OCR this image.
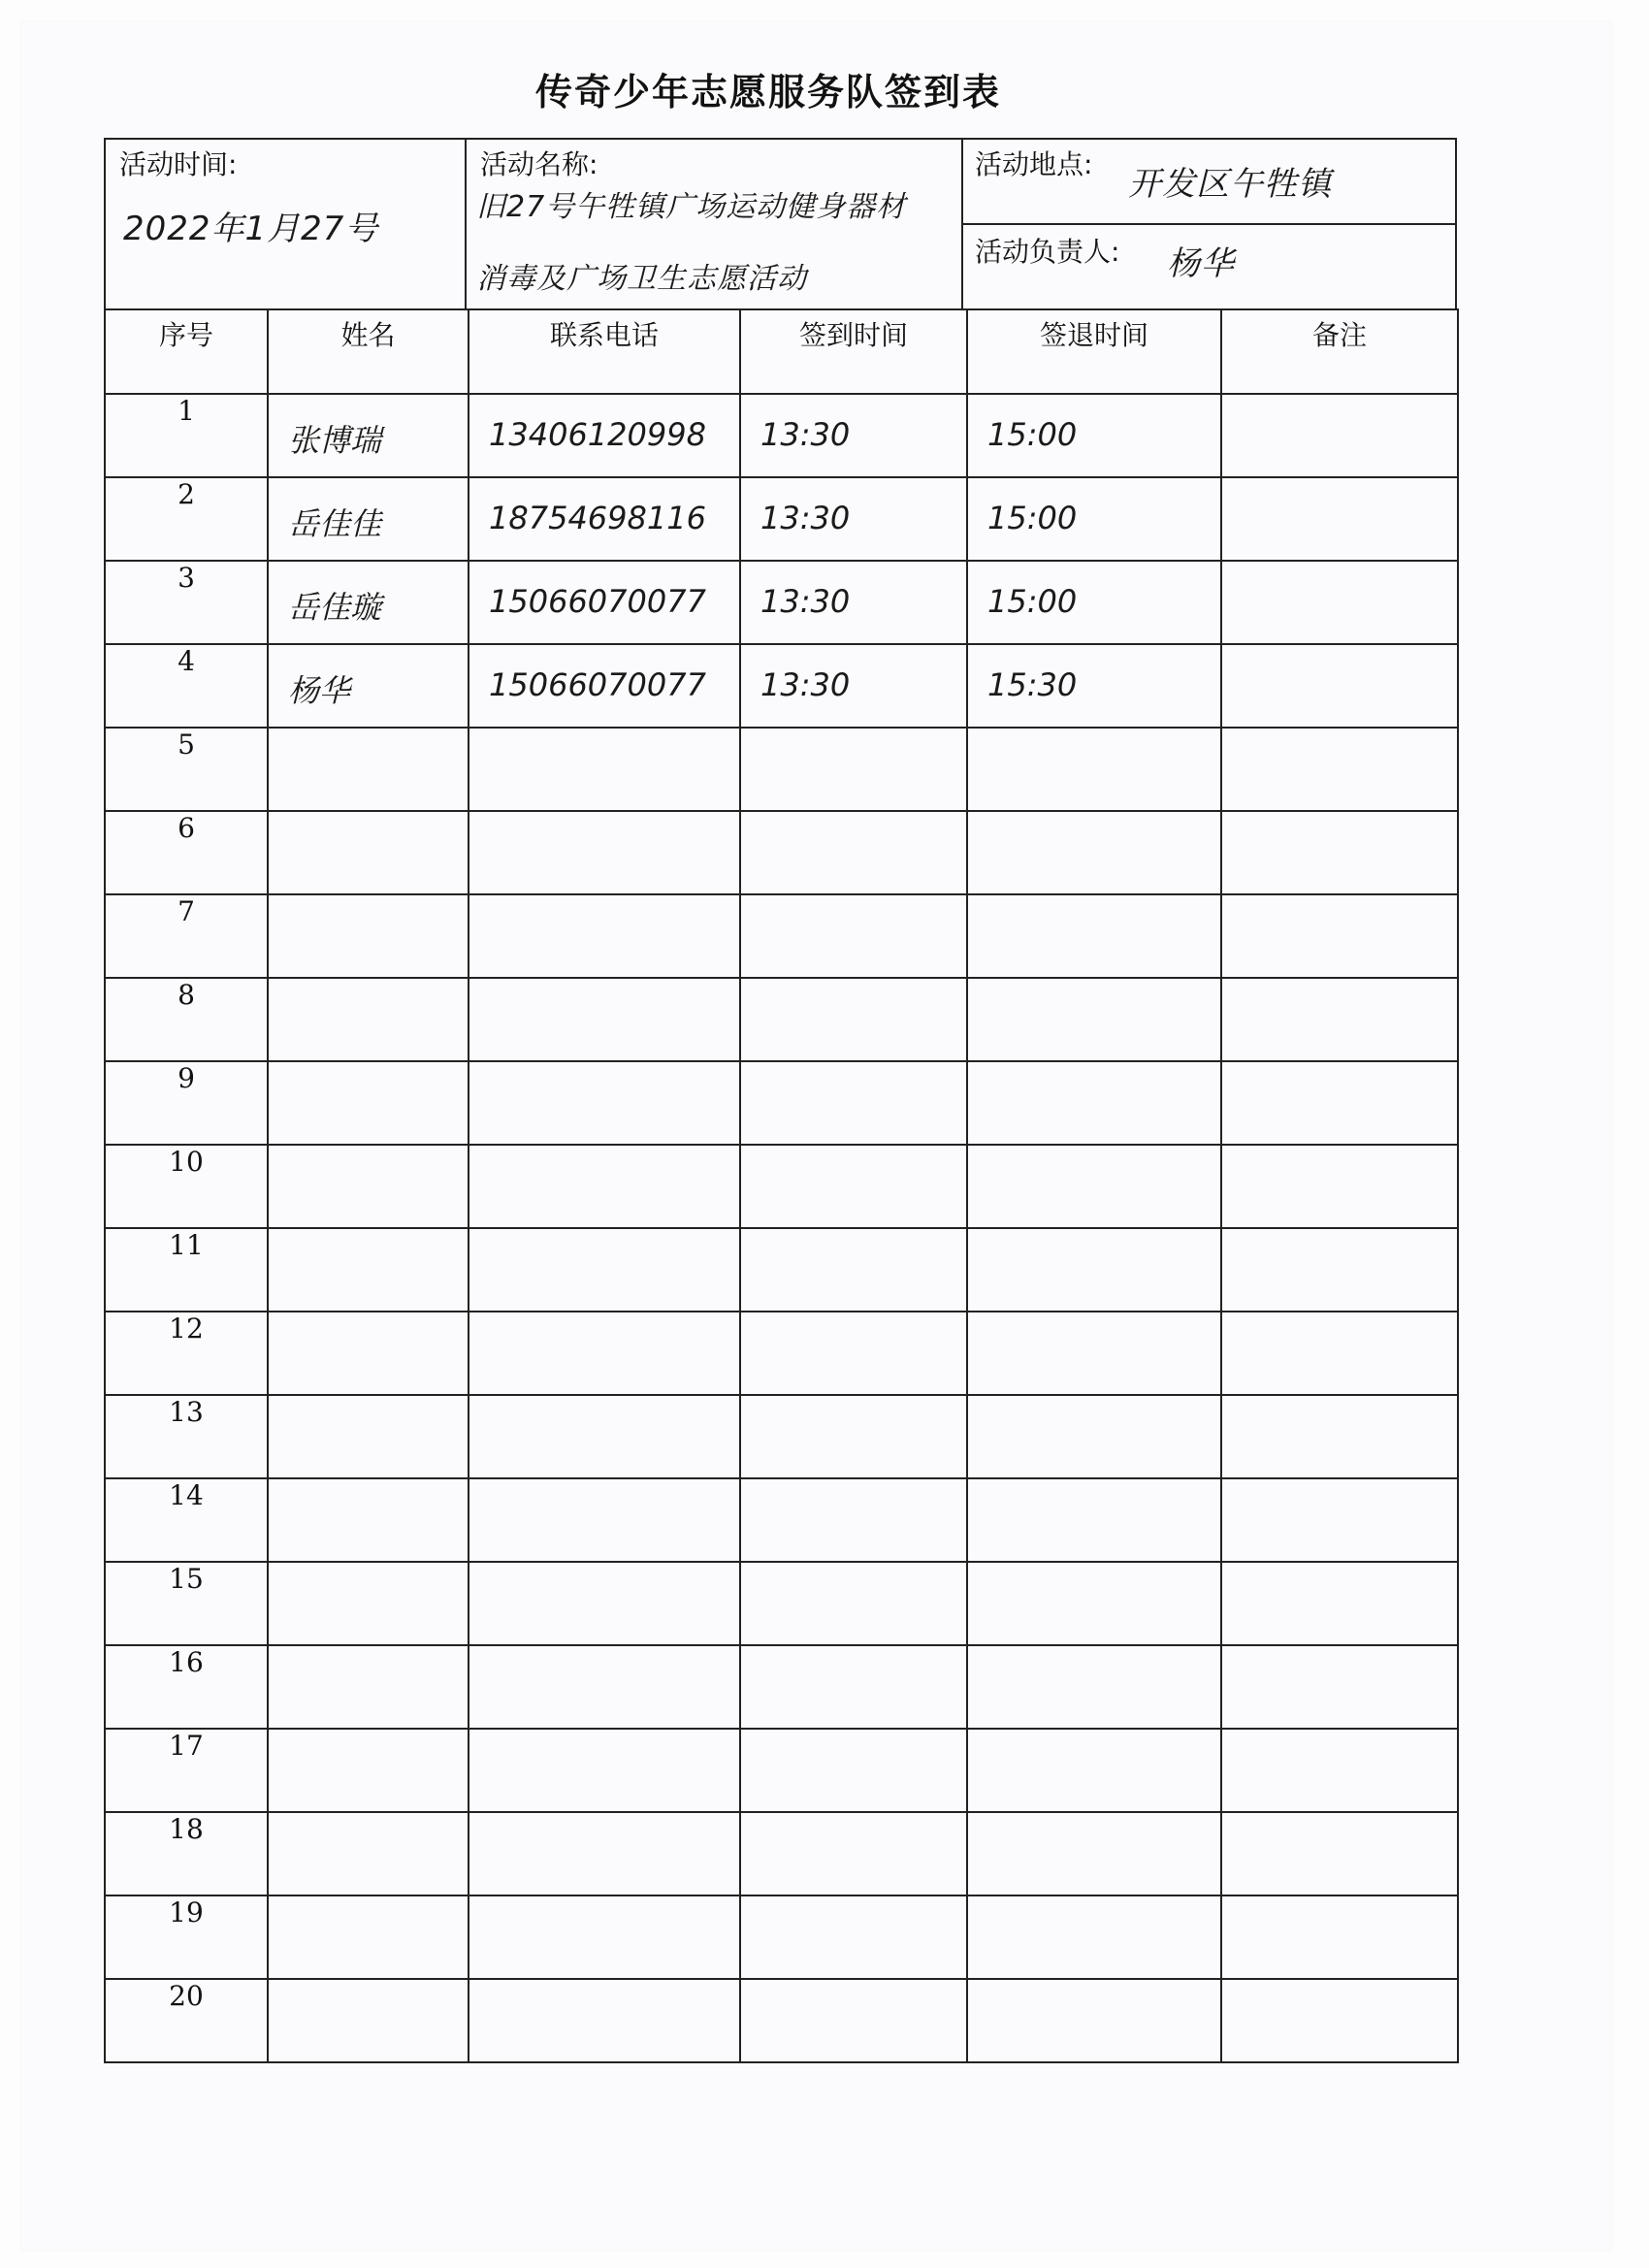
传奇少年志愿服务队签到表
活动时间:
2022年1月27号
活动名称:
旧27号午牲镇广场运动健身器材
消毒及广场卫生志愿活动
活动地点:
开发区午牲镇
活动负责人: 杨华
序号	姓名	联系电话	签到时间	签退时间	备注
1	张博瑞	13406120998	13:30	15:00	

2	岳佳佳	18754698116	13:30	15:00	

3	岳佳璇	15066070077	13:30	15:00	

4	杨华	15066070077	13:30	15:30	

5	

6	

7	

8	

9	

10	

11	

12	

13	

14	

15	

16	

17	

18	

19	

20	
